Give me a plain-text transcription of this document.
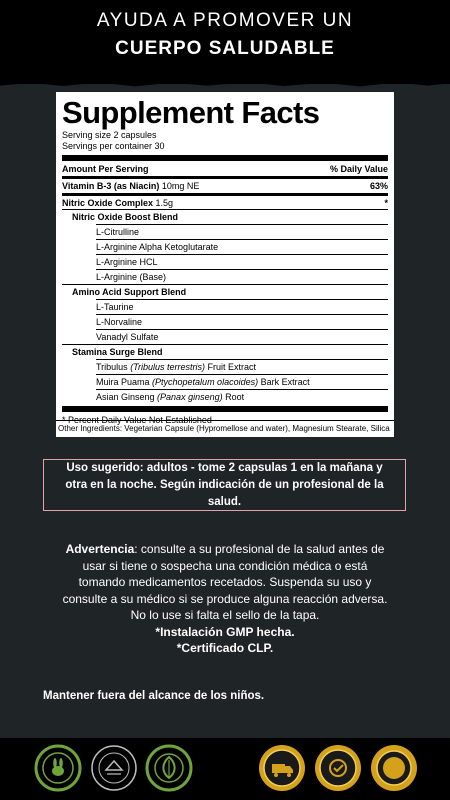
AYUDA A PROMOVER UN
CUERPO SALUDABLE
Supplement Facts
Serving size 2 capsules
Servings per container 30
Amount Per Serving	% Daily Value
Vitamin B-3 (as Niacin) 10mg NE	63%
Nitric Oxide Complex 1.5g	*
Nitric Oxide Boost Blend
L-Citrulline
L-Arginine Alpha Ketoglutarate
L-Arginine HCL
L-Arginine (Base)
Amino Acid Support Blend
L-Taurine
L-Norvaline
Vanadyl Sulfate
Stamina Surge Blend
Tribulus (Tribulus terrestris) Fruit Extract
Muira Puama (Ptychopetalum olacoides) Bark Extract
Asian Ginseng (Panax ginseng) Root
* Percent Daily Value Not Established
Other Ingredients: Vegetarian Capsule (Hypromellose and water), Magnesium Stearate, Silica
Uso sugerido: adultos - tome 2 capsulas 1 en la mañana y otra en la noche. Según indicación de un profesional de la salud.
Advertencia: consulte a su profesional de la salud antes de
usar si tiene o sospecha una condición médica o está
tomando medicamentos recetados. Suspenda su uso y
consulte a su médico si se produce alguna reacción adversa.
No lo use si falta el sello de la tapa.
*Instalación GMP hecha.
*Certificado CLP.
Mantener fuera del alcance de los niños.
